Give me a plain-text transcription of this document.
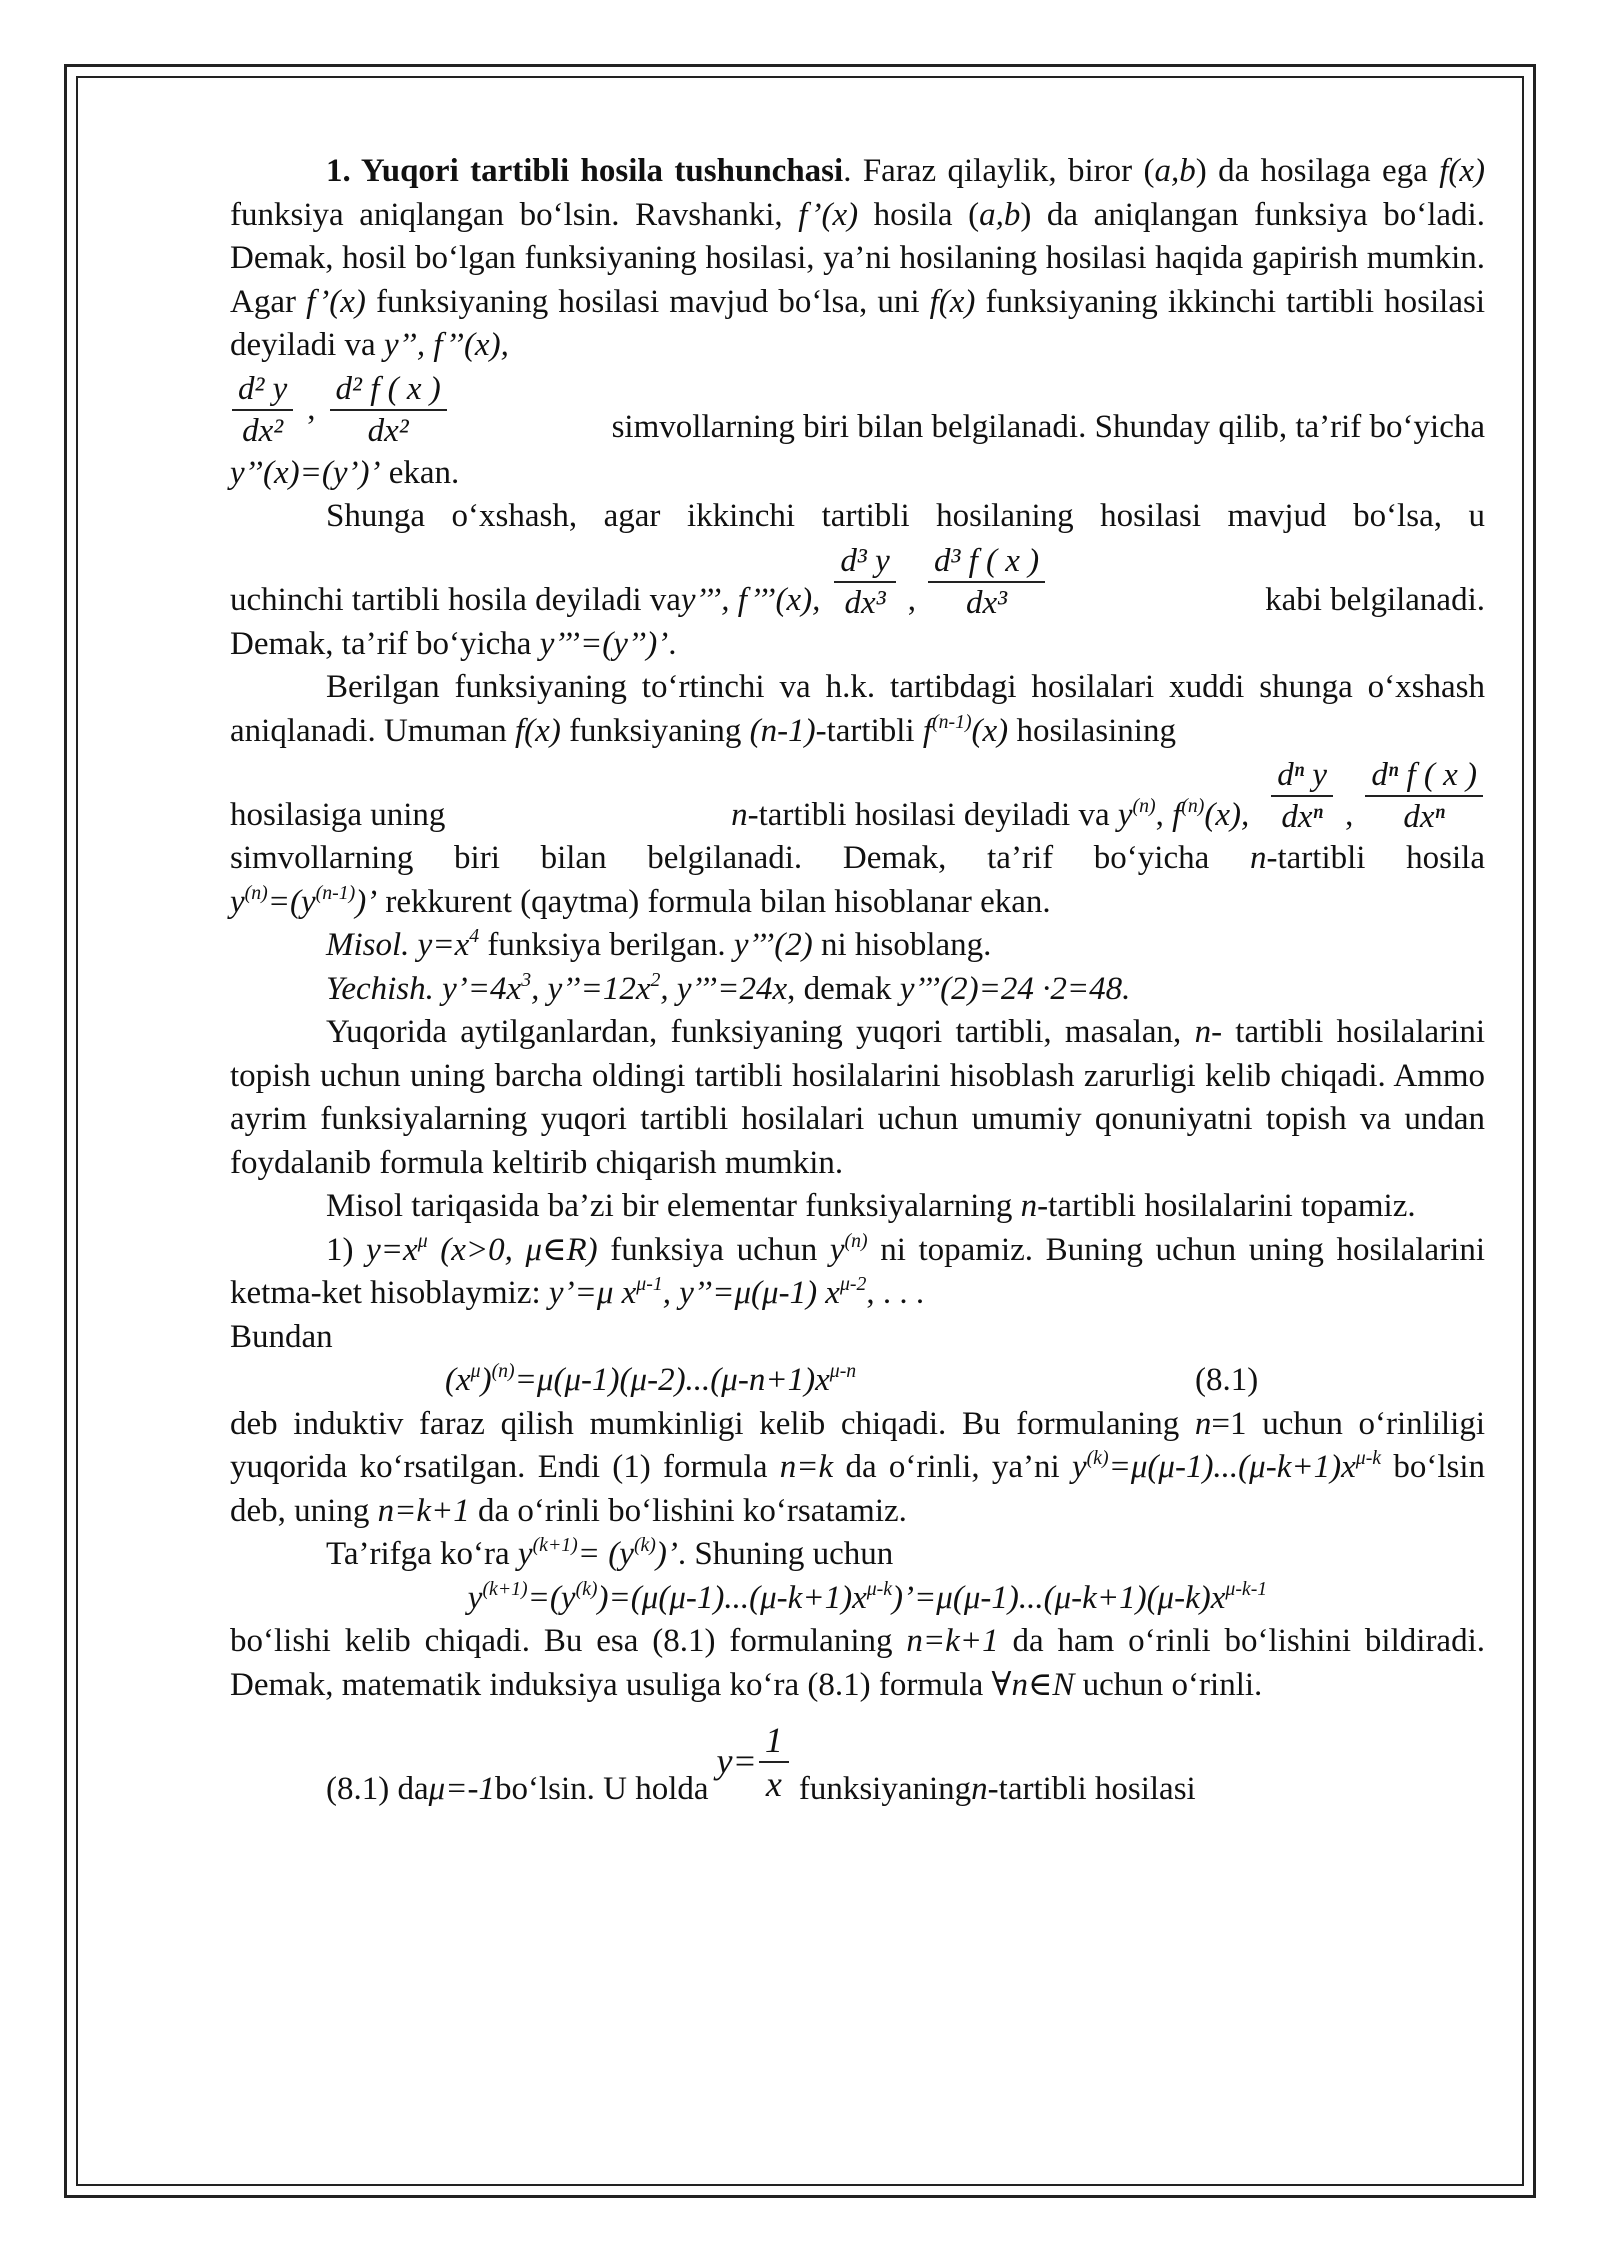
1. Yuqori tartibli hosila tushunchasi. Faraz qilaylik, biror (a,b) da hosilaga ega f(x) funksiya aniqlangan bo‘lsin. Ravshanki, f’(x) hosila (a,b) da aniqlangan funksiya bo‘ladi. Demak, hosil bo‘lgan funksiyaning hosilasi, ya’ni hosilaning hosilasi haqida gapirish mumkin. Agar f’(x) funksiyaning hosilasi mavjud bo‘lsa, uni f(x) funksiyaning ikkinchi tartibli hosilasi deyiladi va y’’, f’’(x),
$\frac{\text{d² y}}{\text{dx²}}$ , $\frac{\text{d² f ( x )}}{\text{dx²}}$	simvollarning biri bilan belgilanadi. Shunday qilib, ta’rif bo‘yicha
y’’(x)=(y’)’ ekan.
Shunga o‘xshash, agar ikkinchi tartibli hosilaning hosilasi mavjud bo‘lsa, u
uchinchi tartibli hosila deyiladi va y’’’, f’’’(x), $\frac{\text{d³ y}}{\text{dx³}}$ , $\frac{\text{d³ f ( x )}}{\text{dx³}}$	kabi belgilanadi.
Demak, ta’rif bo‘yicha y’’’=(y’’)’.
Berilgan funksiyaning to‘rtinchi va h.k. tartibdagi hosilalari xuddi shunga o‘xshash aniqlanadi. Umuman f(x) funksiyaning (n-1)-tartibli $f^{(n-1)}(x)$ hosilasining
hosilasiga uning	n-tartibli hosilasi deyiladi va $y^{(n)}$, $f^{(n)}(x)$, $\frac{\text{dⁿ y}}{\text{dxⁿ}}$ , $\frac{\text{dⁿ f ( x )}}{\text{dxⁿ}}$
simvollarning biri bilan belgilanadi. Demak, ta’rif bo‘yicha n-tartibli hosila
$y^{(n)}=(y^{(n-1)})$’ rekkurent (qaytma) formula bilan hisoblanar ekan.
Misol. $y=x^4$ funksiya berilgan. y’’’(2) ni hisoblang.
Yechish. $y’=4x^3$, $y’’=12x^2$, y’’’=24x, demak y’’’(2)=24 ·2=48.
Yuqorida aytilganlardan, funksiyaning yuqori tartibli, masalan, n- tartibli hosilalarini topish uchun uning barcha oldingi tartibli hosilalarini hisoblash zarurligi kelib chiqadi. Ammo ayrim funksiyalarning yuqori tartibli hosilalari uchun umumiy qonuniyatni topish va undan foydalanib formula keltirib chiqarish mumkin.
Misol tariqasida ba’zi bir elementar funksiyalarning n-tartibli hosilalarini topamiz.
1) $y=x^\mu$ (x>0, μ∈R) funksiya uchun $y^{(n)}$ ni topamiz. Buning uchun uning hosilalarini ketma-ket hisoblaymiz: y’=μ $x^{\mu-1}$, y’’=μ(μ-1) $x^{\mu-2}$, . . .
Bundan
$(x^\mu)^{(n)}=\mu(\mu-1)(\mu-2)...(\mu-n+1)x^{\mu-n}$	(8.1)
deb induktiv faraz qilish mumkinligi kelib chiqadi. Bu formulaning n=1 uchun o‘rinliligi yuqorida ko‘rsatilgan. Endi (1) formula n=k da o‘rinli, ya’ni $y^{(k)}=\mu(\mu-1)...(\mu-k+1)x^{\mu-k}$ bo‘lsin deb, uning n=k+1 da o‘rinli bo‘lishini ko‘rsatamiz.
Ta’rifga ko‘ra $y^{(k+1)}= (y^{(k)})$’. Shuning uchun
$y^{(k+1)}=(y^{(k)})=(\mu(\mu-1)...(\mu-k+1)x^{\mu-k})’=\mu(\mu-1)...(\mu-k+1)(\mu-k)x^{\mu-k-1}$
bo‘lishi kelib chiqadi. Bu esa (8.1) formulaning n=k+1 da ham o‘rinli bo‘lishini bildiradi. Demak, matematik induksiya usuliga ko‘ra (8.1) formula ∀n∈N uchun o‘rinli.
(8.1) da μ=-1 bo‘lsin. U holda
$y= \frac{1}{x}$ funksiyaning n -tartibli hosilasi
